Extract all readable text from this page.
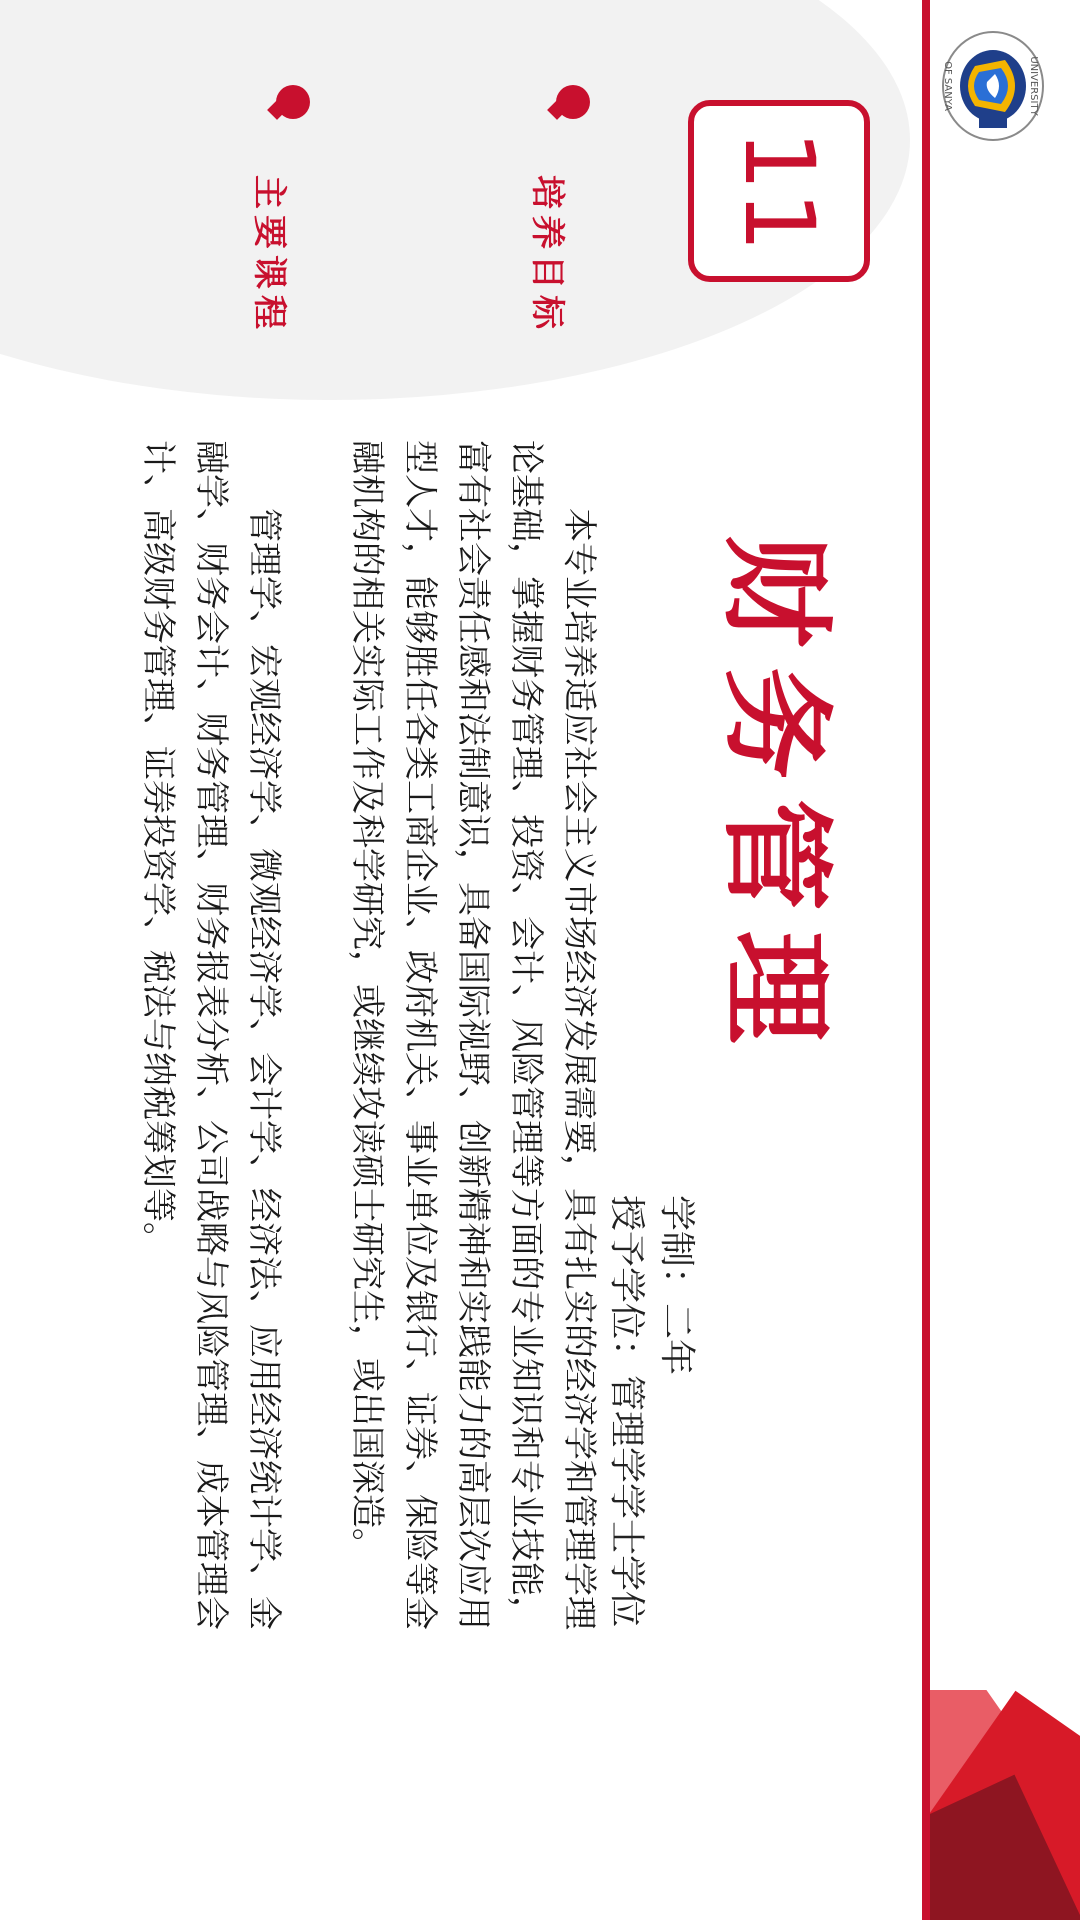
UNIVERSITY
OF SANYA
11
培养目标
主要课程
财务管理
学制：二年
授予学位：管理学学士学位
本专业培养适应社会主义市场经济发展需要，具有扎实的经济学和管理学理论基础，掌握财务管理、投资、会计、风险管理等方面的专业知识和专业技能，富有社会责任感和法制意识，具备国际视野、创新精神和实践能力的高层次应用型人才，能够胜任各类工商企业、政府机关、事业单位及银行、证券、保险等金融机构的相关实际工作及科学研究，或继续攻读硕士研究生，或出国深造。
管理学、宏观经济学、微观经济学、会计学、经济法、应用经济统计学、金融学、财务会计、财务管理、财务报表分析、公司战略与风险管理、成本管理会计、高级财务管理、证券投资学、税法与纳税筹划等。
